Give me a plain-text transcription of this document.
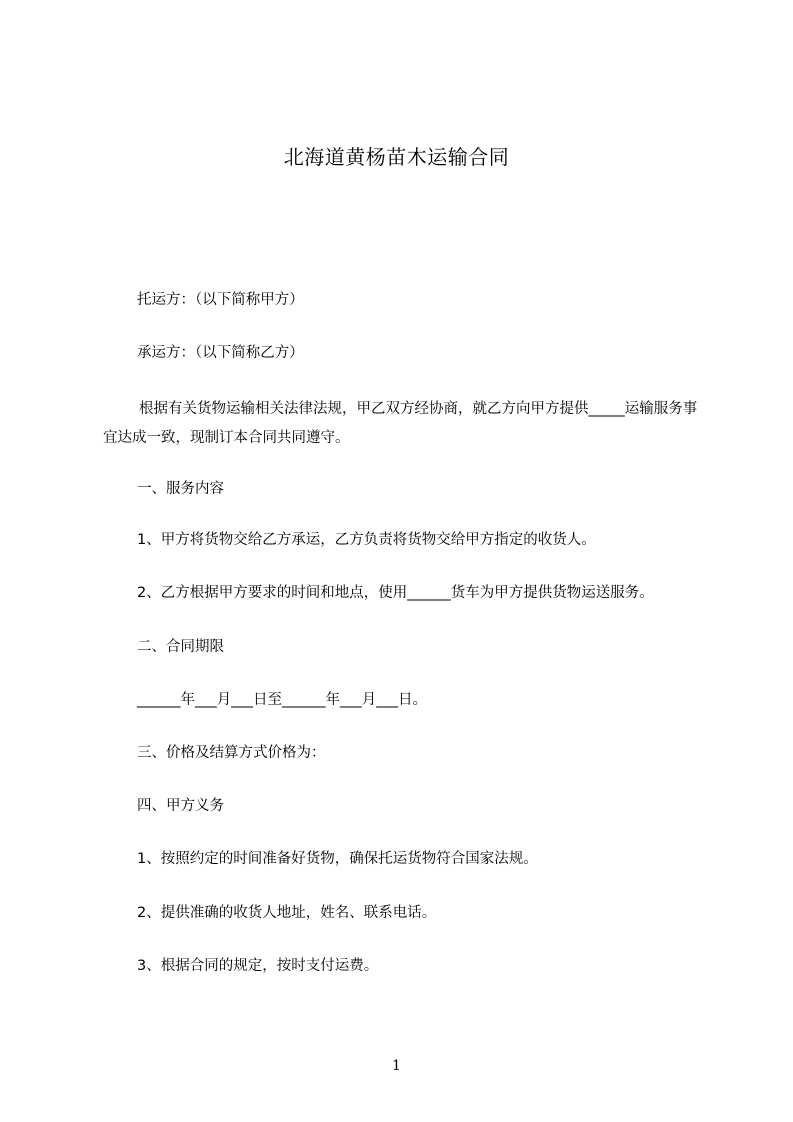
北海道黄杨苗木运输合同
托运方：（以下简称甲方）
承运方：（以下简称乙方）
根据有关货物运输相关法律法规，甲乙双方经协商，就乙方向甲方提供_____运输服务事宜达成一致，现制订本合同共同遵守。
一、服务内容
1、甲方将货物交给乙方承运，乙方负责将货物交给甲方指定的收货人。
2、乙方根据甲方要求的时间和地点，使用______货车为甲方提供货物运送服务。
二、合同期限
______年___月___日至______年___月___日。
三、价格及结算方式价格为：
四、甲方义务
1、按照约定的时间准备好货物，确保托运货物符合国家法规。
2、提供准确的收货人地址，姓名、联系电话。
3、根据合同的规定，按时支付运费。
1
